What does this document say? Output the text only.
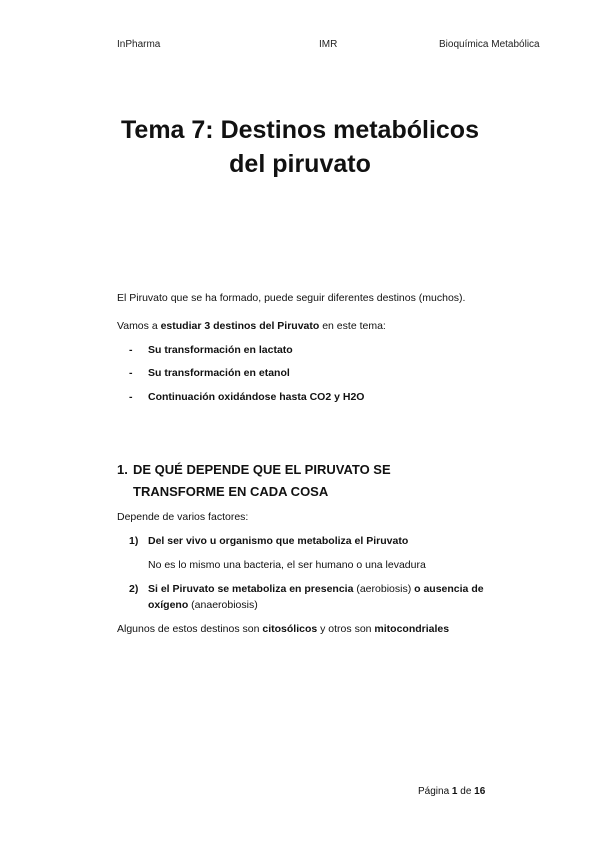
InPharma	IMR	Bioquímica Metabólica
Tema 7: Destinos metabólicos
del piruvato
El Piruvato que se ha formado, puede seguir diferentes destinos (muchos).
Vamos a estudiar 3 destinos del Piruvato en este tema:
- Su transformación en lactato
- Su transformación en etanol
- Continuación oxidándose hasta CO2 y H2O
1. DE QUÉ DEPENDE QUE EL PIRUVATO SE
TRANSFORME EN CADA COSA
Depende de varios factores:
1) Del ser vivo u organismo que metaboliza el Piruvato
No es lo mismo una bacteria, el ser humano o una levadura
2) Si el Piruvato se metaboliza en presencia (aerobiosis) o ausencia de
oxígeno (anaerobiosis)
Algunos de estos destinos son citosólicos y otros son mitocondriales
Página 1 de 16
